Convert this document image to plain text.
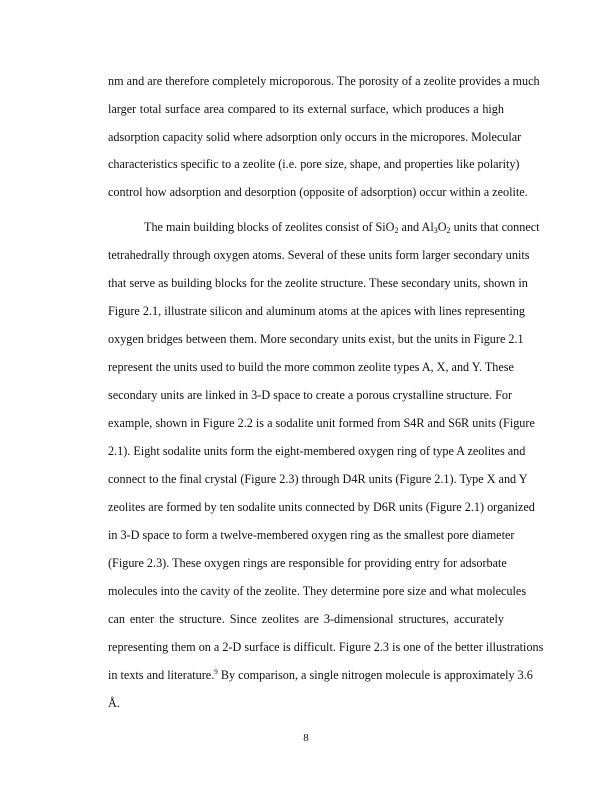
nm and are therefore completely microporous. The porosity of a zeolite provides a much
larger total surface area compared to its external surface, which produces a high
adsorption capacity solid where adsorption only occurs in the micropores. Molecular
characteristics specific to a zeolite (i.e. pore size, shape, and properties like polarity)
control how adsorption and desorption (opposite of adsorption) occur within a zeolite.
The main building blocks of zeolites consist of SiO$_2$ and $Al_3O_2$ units that connect
tetrahedrally through oxygen atoms. Several of these units form larger secondary units
that serve as building blocks for the zeolite structure. These secondary units, shown in
Figure 2.1, illustrate silicon and aluminum atoms at the apices with lines representing
oxygen bridges between them. More secondary units exist, but the units in Figure 2.1
represent the units used to build the more common zeolite types A, X, and Y. These
secondary units are linked in 3-D space to create a porous crystalline structure. For
example, shown in Figure 2.2 is a sodalite unit formed from S4R and S6R units (Figure
2.1). Eight sodalite units form the eight-membered oxygen ring of type A zeolites and
connect to the final crystal (Figure 2.3) through D4R units (Figure 2.1). Type X and Y
zeolites are formed by ten sodalite units connected by D6R units (Figure 2.1) organized
in 3-D space to form a twelve-membered oxygen ring as the smallest pore diameter
(Figure 2.3). These oxygen rings are responsible for providing entry for adsorbate
molecules into the cavity of the zeolite. They determine pore size and what molecules
can enter the structure. Since zeolites are 3-dimensional structures, accurately
representing them on a 2-D surface is difficult. Figure 2.3 is one of the better illustrations
in texts and literature.$^9$ By comparison, a single nitrogen molecule is approximately 3.6
Å.
8
